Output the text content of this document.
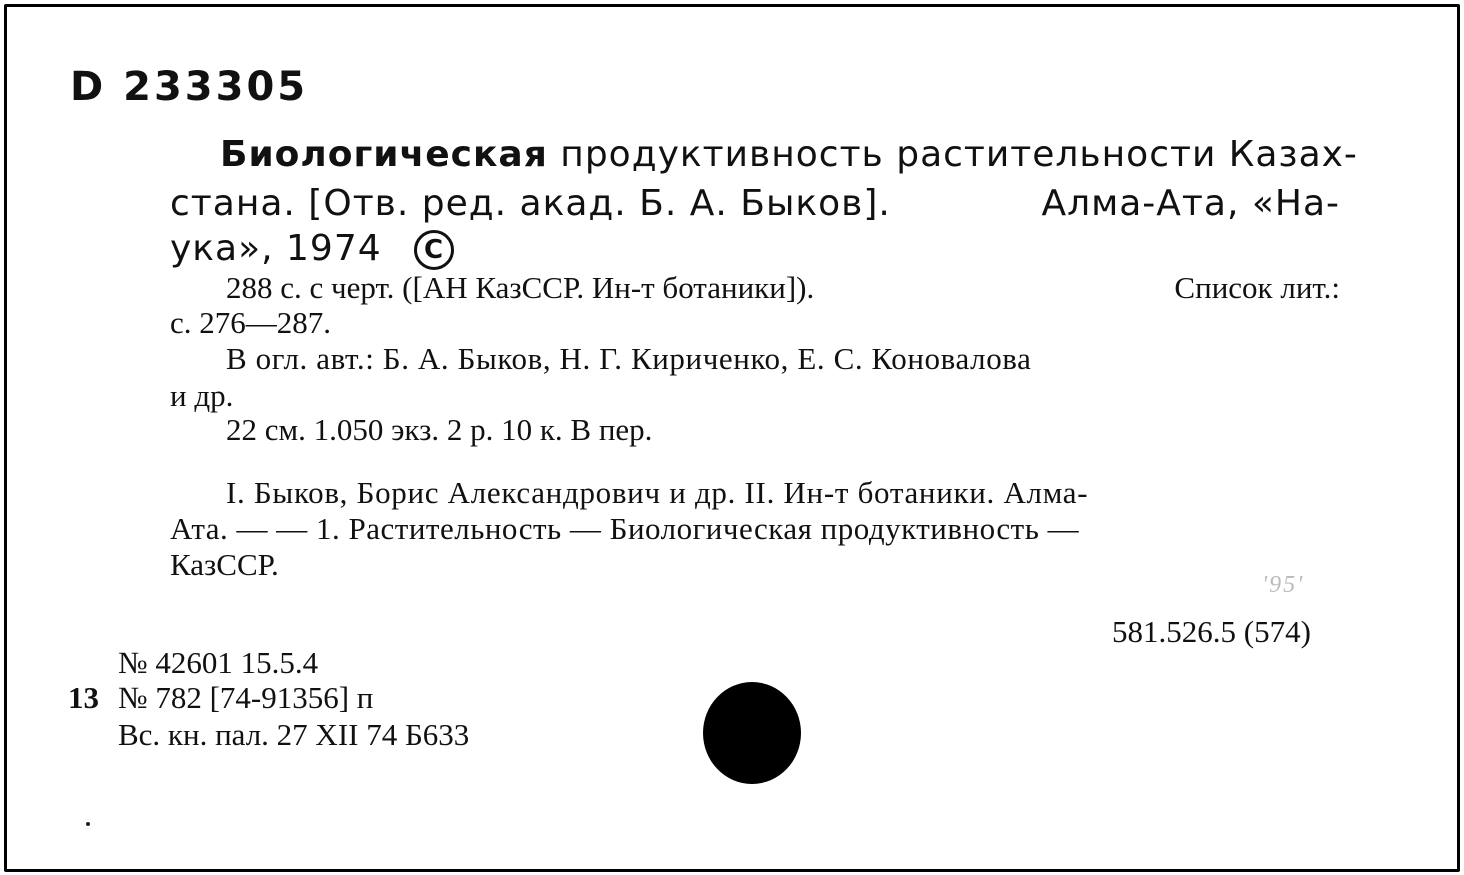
D 233305
Биологическая продуктивность растительности Казах-
стана. [Отв. ред. акад. Б. А. Быков].	Алма-Ата, «На-
ука», 1974 C
288 с. с черт. ([АН КазССР. Ин-т ботаники]).	Список лит.:
с. 276—287.
В огл. авт.: Б. А. Быков, Н. Г. Кириченко, Е. С. Коновалова
и др.
22 см. 1.050 экз. 2 р. 10 к. В пер.
I. Быков, Борис Александрович и др. II. Ин-т ботаники. Алма-
Ата. — — 1. Растительность — Биологическая продуктивность —
КазССР.
'95'
581.526.5 (574)
№ 42601 15.5.4
13 № 782 [74-91356] п
Вс. кн. пал. 27 XII 74 Б633
